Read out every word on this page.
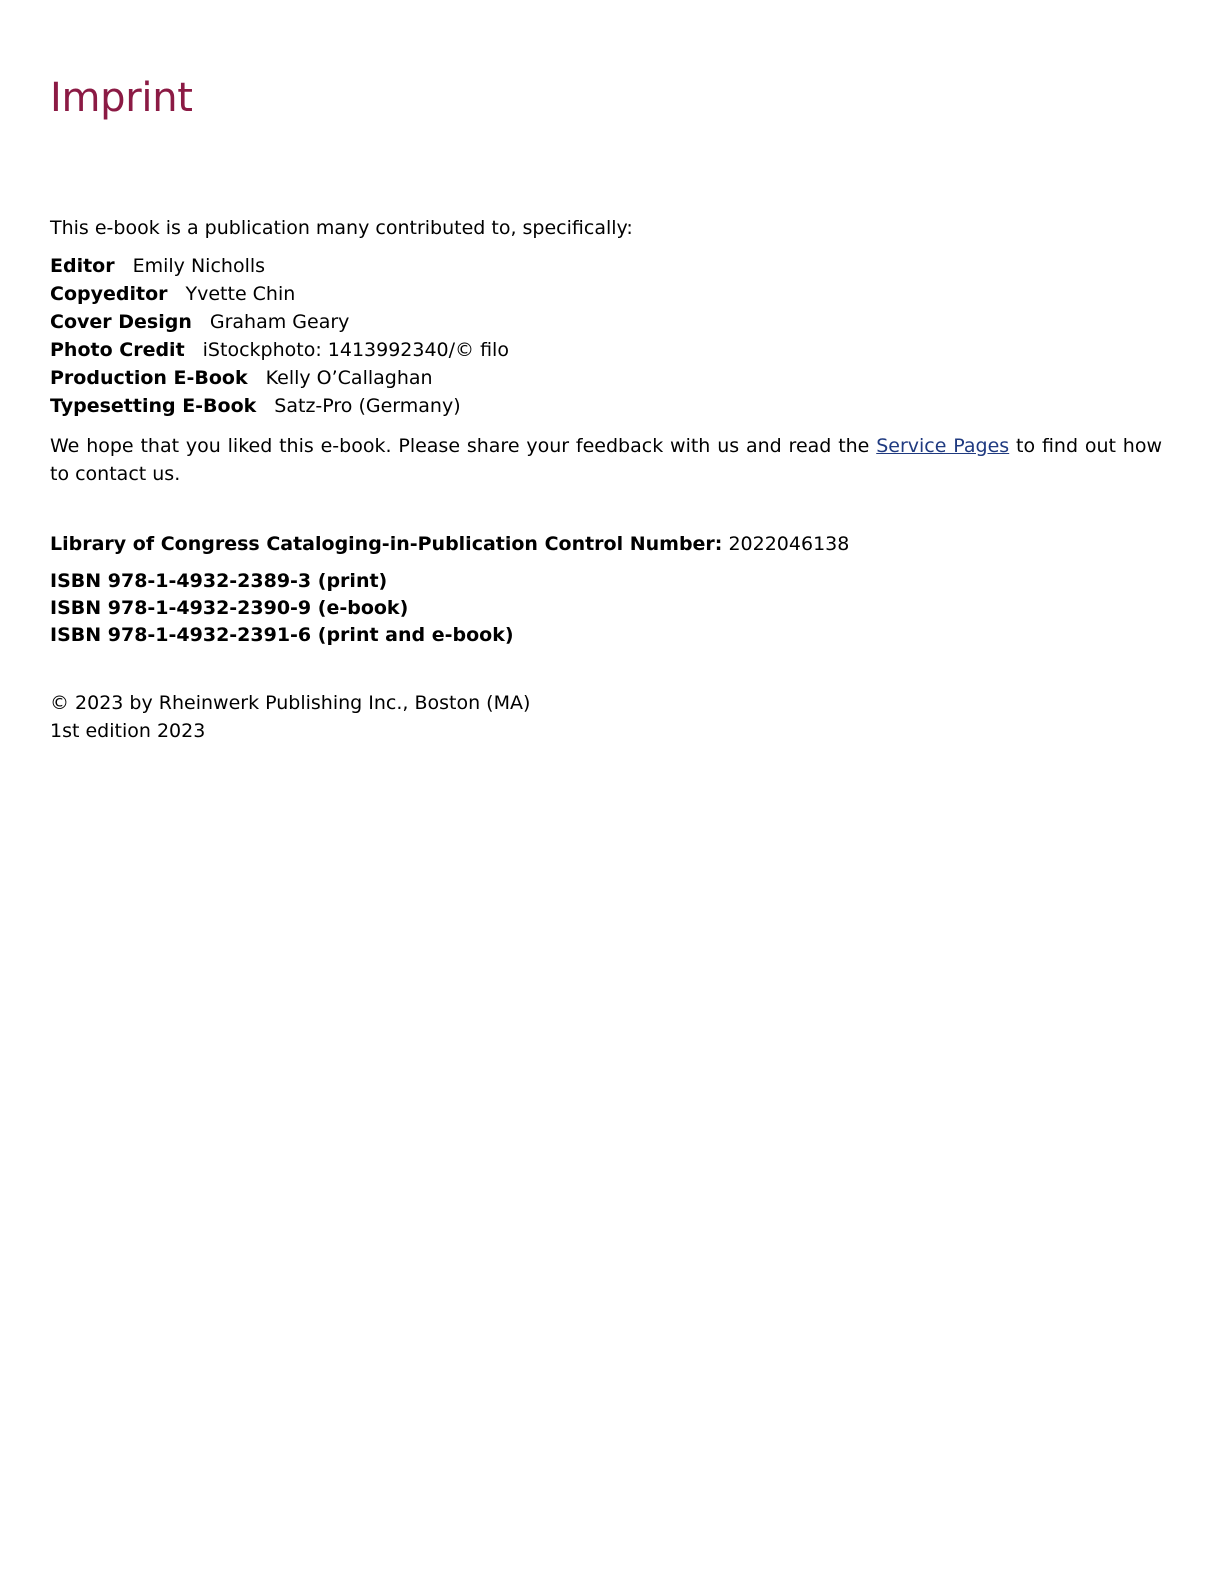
Imprint

This e-book is a publication many contributed to, specifically:

Editor Emily Nicholls
Copyeditor Yvette Chin
Cover Design Graham Geary
Photo Credit iStockphoto: 1413992340/© filo
Production E-Book Kelly O’Callaghan
Typesetting E-Book Satz-Pro (Germany)

We hope that you liked this e-book. Please share your feedback with us and read the Service Pages to find out how to contact us.

Library of Congress Cataloging-in-Publication Control Number: 2022046138

ISBN 978-1-4932-2389-3 (print)
ISBN 978-1-4932-2390-9 (e-book)
ISBN 978-1-4932-2391-6 (print and e-book)
© 2023 by Rheinwerk Publishing Inc., Boston (MA)
1st edition 2023
